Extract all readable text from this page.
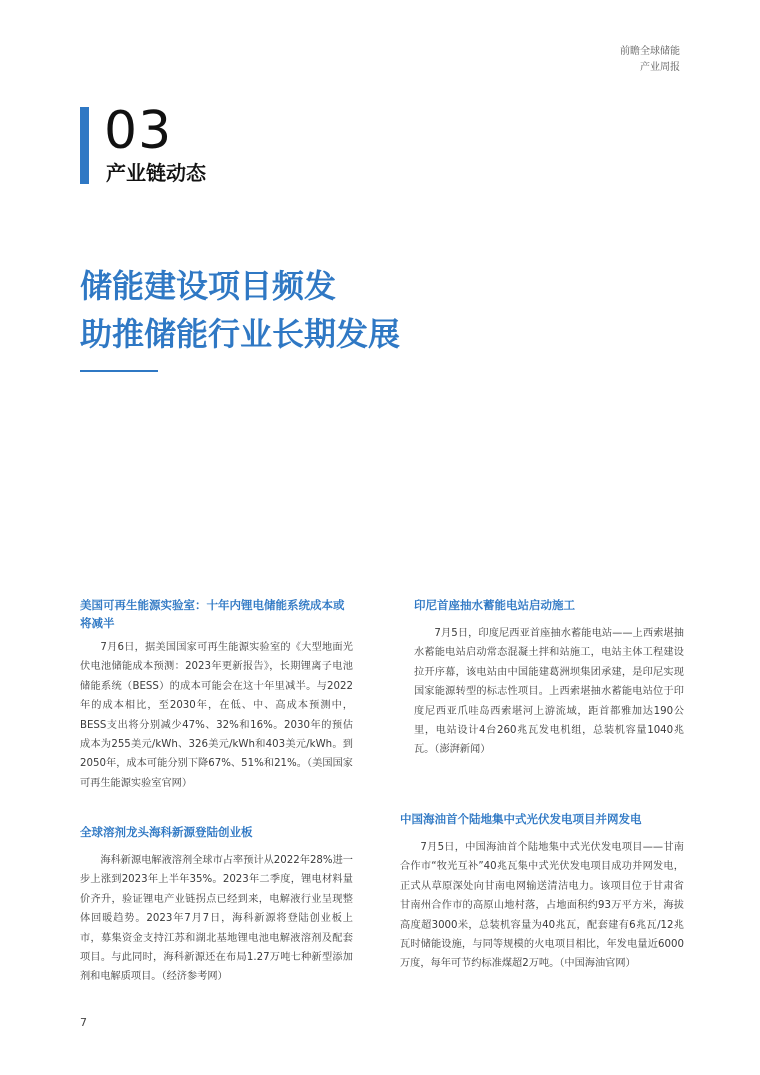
前瞻全球储能
产业周报
03
产业链动态
储能建设项目频发
助推储能行业长期发展
美国可再生能源实验室：十年内锂电储能系统成本或将减半

7月6日，据美国国家可再生能源实验室的《大型地面光伏电池储能成本预测：2023年更新报告》，长期锂离子电池储能系统（BESS）的成本可能会在这十年里减半。与2022年的成本相比，至2030年，在低、中、高成本预测中，BESS支出将分别减少47%、32%和16%。2030年的预估成本为255美元/kWh、326美元/kWh和403美元/kWh。到2050年，成本可能分别下降67%、51%和21%。（美国国家可再生能源实验室官网）

全球溶剂龙头海科新源登陆创业板

海科新源电解液溶剂全球市占率预计从2022年28%进一步上涨到2023年上半年35%。2023年二季度，锂电材料量价齐升，验证锂电产业链拐点已经到来，电解液行业呈现整体回暖趋势。2023年7月7日，海科新源将登陆创业板上市，募集资金支持江苏和湖北基地锂电池电解液溶剂及配套项目。与此同时，海科新源还在布局1.27万吨七种新型添加剂和电解质项目。（经济参考网）

印尼首座抽水蓄能电站启动施工

7月5日，印度尼西亚首座抽水蓄能电站——上西索堪抽水蓄能电站启动常态混凝土拌和站施工，电站主体工程建设拉开序幕，该电站由中国能建葛洲坝集团承建，是印尼实现国家能源转型的标志性项目。上西索堪抽水蓄能电站位于印度尼西亚爪哇岛西索堪河上游流域，距首都雅加达190公里，电站设计4台260兆瓦发电机组，总装机容量1040兆瓦。（澎湃新闻）

中国海油首个陆地集中式光伏发电项目并网发电

7月5日，中国海油首个陆地集中式光伏发电项目——甘南合作市“牧光互补”40兆瓦集中式光伏发电项目成功并网发电，正式从草原深处向甘南电网输送清洁电力。该项目位于甘肃省甘南州合作市的高原山地村落，占地面积约93万平方米，海拔高度超3000米，总装机容量为40兆瓦，配套建有6兆瓦/12兆瓦时储能设施，与同等规模的火电项目相比，年发电量近6000万度，每年可节约标准煤超2万吨。（中国海油官网）

7
